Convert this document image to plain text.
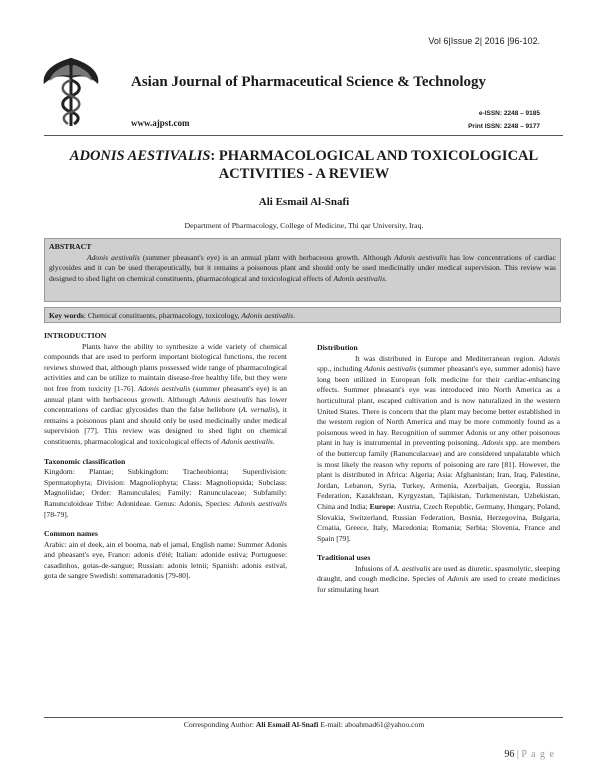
Vol 6|Issue 2| 2016 |96-102.
Asian Journal of Pharmaceutical Science & Technology
www.ajpst.com
e-ISSN: 2248 – 9185
Print ISSN: 2248 – 9177
ADONIS AESTIVALIS: PHARMACOLOGICAL AND TOXICOLOGICAL ACTIVITIES - A REVIEW
Ali Esmail Al-Snafi
Department of Pharmacology, College of Medicine, Thi qar University, Iraq.
ABSTRACT
Adonis aestivalis (summer pheasant's eye) is an annual plant with herbaceous growth. Although Adonis aestivalis has low concentrations of cardiac glycosides and it can be used therapeutically, but it remains a poisonous plant and should only be used medicinally under medical supervision. This review was designed to shed light on chemical constituents, pharmacological and toxicological effects of Adonis aestivalis.
Key words: Chemical constituents, pharmacology, toxicology, Adonis aestivalis.
INTRODUCTION

Plants have the ability to synthesize a wide variety of chemical compounds that are used to perform important biological functions, the recent reviews showed that, although plants possessed wide range of pharmacological activities and can be utilize to maintain disease-free healthy life, but they were not free from toxicity [1-76]. Adonis aestivalis (summer pheasant's eye) is an annual plant with herbaceous growth. Although Adonis aestivalis has lower concentrations of cardiac glycosides than the false hellebore (A. vernalis), it remains a poisonous plant and should only be used medicinally under medical supervision [77]. This review was designed to shed light on chemical constituents, pharmacological and toxicological effects of Adonis aestivalis.

Taxonomic classification

Kingdom: Plantae; Subkingdom: Tracheobionta; Superdivision: Spermatophyta; Division: Magnoliophyta; Class: Magnoliopsida; Subclass: Magnoliidae; Order: Ranunculales; Family: Ranunculaceae; Subfamily: Ranunculoideae Tribe: Adonideae. Genus: Adonis, Species: Adonis aestivalis [78-79].

Common names

Arabic: ain el deek, ain el booma, nab el jamal, English name: Summer Adonis and pheasant's eye, France: adonis d'été; Italian: adonide estiva; Portuguese: casadinhos, gotas-de-sangue; Russian: adonis letnii; Spanish: adonis estival, gota de sangre Swedish: sommaradonis [79-80].

Distribution

It was distributed in Europe and Mediterranean region. Adonis spp., including Adonis aestivalis (summer pheasant's eye, summer adonis) have long been utilized in European folk medicine for their cardiac-enhancing effects. Summer pheasant's eye was introduced into North America as a horticultural plant, escaped cultivation and is now naturalized in the western United States. There is concern that the plant may become better established in the western region of North America and may be more commonly found as a poisonous weed in hay. Recognition of summer Adonis or any other poisonous plant in hay is instrumental in preventing poisoning. Adonis spp. are members of the buttercup family (Ranunculaceae) and are considered unpalatable which is most likely the reason why reports of poisoning are rare [81]. However, the plant is distributed in Africa: Algeria; Asia: Afghanistan; Iran, Iraq, Palestine, Jordan, Lebanon, Syria, Turkey, Armenia, Azerbaijan, Georgia, Russian Federation, Kazakhstan, Kyrgyzstan, Tajikistan, Turkmenistan, Uzbekistan, China and India; Europe: Austria, Czech Republic, Germany, Hungary, Poland, Slovakia, Switzerland, Russian Federation, Bosnia, Herzegovina, Bulgaria, Croatia, Greece, Italy, Macedonia; Romania; Serbia; Slovenia, France and Spain [79].

Traditional uses

Infusions of A. aestivalis are used as diuretic, spasmolytic, sleeping draught, and cough medicine. Species of Adonis are used to create medicines for stimulating heart

Corresponding Author: Ali Esmail Al-Snafi E-mail: aboahmad61@yahoo.com
96 | P a g e
